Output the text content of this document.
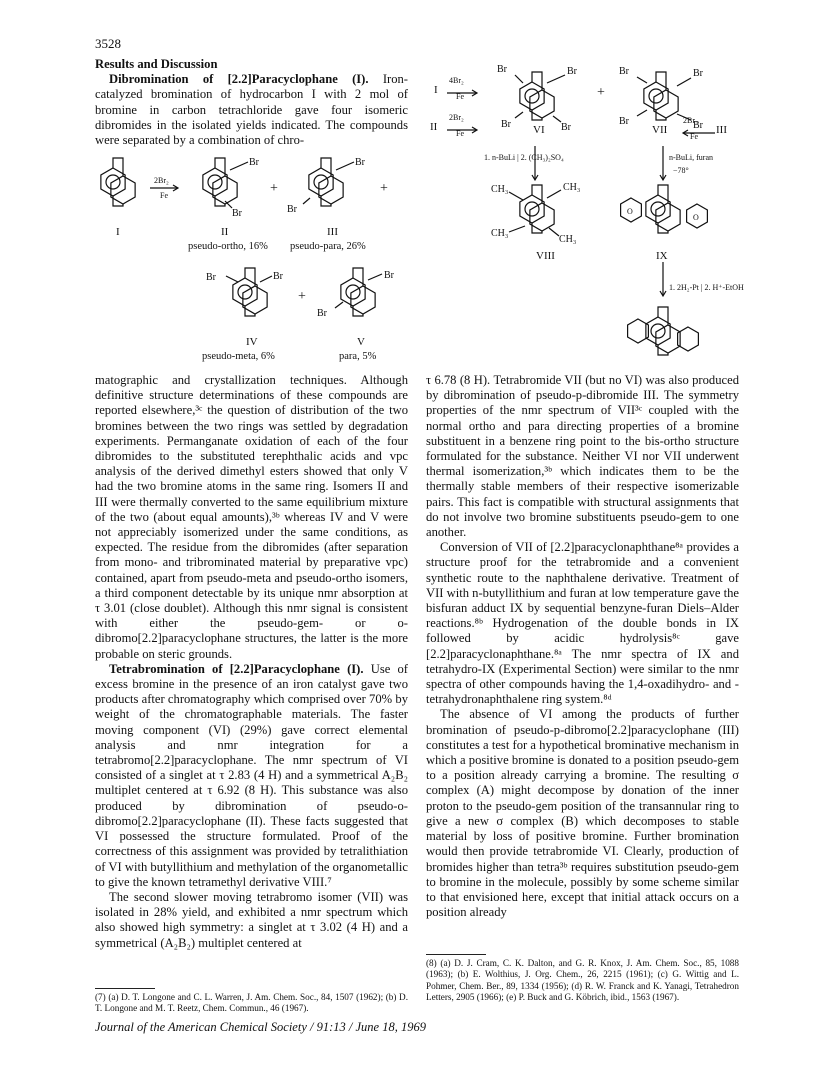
3528

Results and Discussion

Dibromination of [2.2]Paracyclophane (I). Iron-catalyzed bromination of hydrocarbon I with 2 mol of bromine in carbon tetrachloride gave four isomeric dibromides in the isolated yields indicated. The compounds were separated by a combination of chro-

2Br₂
Fe
Br
Br
+
Br
Br
+
Br	Br
+
Br
Br
I	II	III
pseudo-ortho, 16% pseudo-para, 26%
IV	V
pseudo-meta, 6%	para, 5%

matographic and crystallization techniques. Although definitive structure determinations of these compounds are reported elsewhere,³ᶜ the question of distribution of the two bromines between the two rings was settled by degradation experiments. Permanganate oxidation of each of the four dibromides to the substituted terephthalic acids and vpc analysis of the derived dimethyl esters showed that only V had the two bromine atoms in the same ring. Isomers II and III were thermally converted to the same equilibrium mixture of the two (about equal amounts),³ᵇ whereas IV and V were not appreciably isomerized under the same conditions, as expected. The residue from the dibromides (after separation from mono- and tribrominated material by preparative vpc) contained, apart from pseudo-meta and pseudo-ortho isomers, a third component detectable by its unique nmr absorption at τ 3.01 (close doublet). Although this nmr signal is consistent with either the pseudo-gem- or o-dibromo[2.2]paracyclophane structures, the latter is the more probable on steric grounds.

Tetrabromination of [2.2]Paracyclophane (I). Use of excess bromine in the presence of an iron catalyst gave two products after chromatography which comprised over 70% by weight of the chromatographable materials. The faster moving component (VI) (29%) gave correct elemental analysis and nmr integration for a tetrabromo[2.2]paracyclophane. The nmr spectrum of VI consisted of a singlet at τ 2.83 (4 H) and a symmetrical A₂B₂ multiplet centered at τ 6.92 (8 H). This substance was also produced by dibromination of pseudo-o-dibromo[2.2]paracyclophane (II). These facts suggested that VI possessed the structure formulated. Proof of the correctness of this assignment was provided by tetralithiation of VI with butyllithium and methylation of the organometallic to give the known tetramethyl derivative VIII.⁷

The second slower moving tetrabromo isomer (VII) was isolated in 28% yield, and exhibited a nmr spectrum which also showed high symmetry: a singlet at τ 3.02 (4 H) and a symmetrical (A₂B₂) multiplet centered at

(7) (a) D. T. Longone and C. L. Warren, J. Am. Chem. Soc., 84, 1507 (1962); (b) D. T. Longone and M. T. Reetz, Chem. Commun., 46 (1967).

Br	Br
Br	Br
+
Br	Br
Br	Br
CH₃	CH₃
CH₃
CH₃
O
O
I
4Br₂
Fe
II
2Br₂
Fe	VI	VII
2Br₂
Fe
III
1. n-BuLi | 2. (CH₃)₂SO₄	n-BuLi, furan
−78°
VIII	IX
1. 2H₂-Pt | 2. H⁺-EtOH

τ 6.78 (8 H). Tetrabromide VII (but no VI) was also produced by dibromination of pseudo-p-dibromide III. The symmetry properties of the nmr spectrum of VII³ᶜ coupled with the normal ortho and para directing properties of a bromine substituent in a benzene ring point to the bis-ortho structure formulated for the substance. Neither VI nor VII underwent thermal isomerization,³ᵇ which indicates them to be the thermally stable members of their respective isomerizable pairs. This fact is compatible with structural assignments that do not involve two bromine substituents pseudo-gem to one another.

Conversion of VII of [2.2]paracyclonaphthane⁸ᵃ provides a structure proof for the tetrabromide and a convenient synthetic route to the naphthalene derivative. Treatment of VII with n-butyllithium and furan at low temperature gave the bisfuran adduct IX by sequential benzyne-furan Diels–Alder reactions.⁸ᵇ Hydrogenation of the double bonds in IX followed by acidic hydrolysis⁸ᶜ gave [2.2]paracyclonaphthane.⁸ᵃ The nmr spectra of IX and tetrahydro-IX (Experimental Section) were similar to the nmr spectra of other compounds having the 1,4-oxadihydro- and -tetrahydronaphthalene ring system.⁸ᵈ

The absence of VI among the products of further bromination of pseudo-p-dibromo[2.2]paracyclophane (III) constitutes a test for a hypothetical brominative mechanism in which a positive bromine is donated to a position pseudo-gem to a position already carrying a bromine. The resulting σ complex (A) might decompose by donation of the inner proton to the pseudo-gem position of the transannular ring to give a new σ complex (B) which decomposes to stable material by loss of positive bromine. Further bromination would then provide tetrabromide VI. Clearly, production of bromides higher than tetra³ᵇ requires substitution pseudo-gem to bromine in the molecule, possibly by some scheme similar to that envisioned here, except that initial attack occurs on a position already

(8) (a) D. J. Cram, C. K. Dalton, and G. R. Knox, J. Am. Chem. Soc., 85, 1088 (1963); (b) E. Wolthius, J. Org. Chem., 26, 2215 (1961); (c) G. Wittig and L. Pohmer, Chem. Ber., 89, 1334 (1956); (d) R. W. Franck and K. Yanagi, Tetrahedron Letters, 2905 (1966); (e) P. Buck and G. Köbrich, ibid., 1563 (1967).

Journal of the American Chemical Society / 91:13 / June 18, 1969
